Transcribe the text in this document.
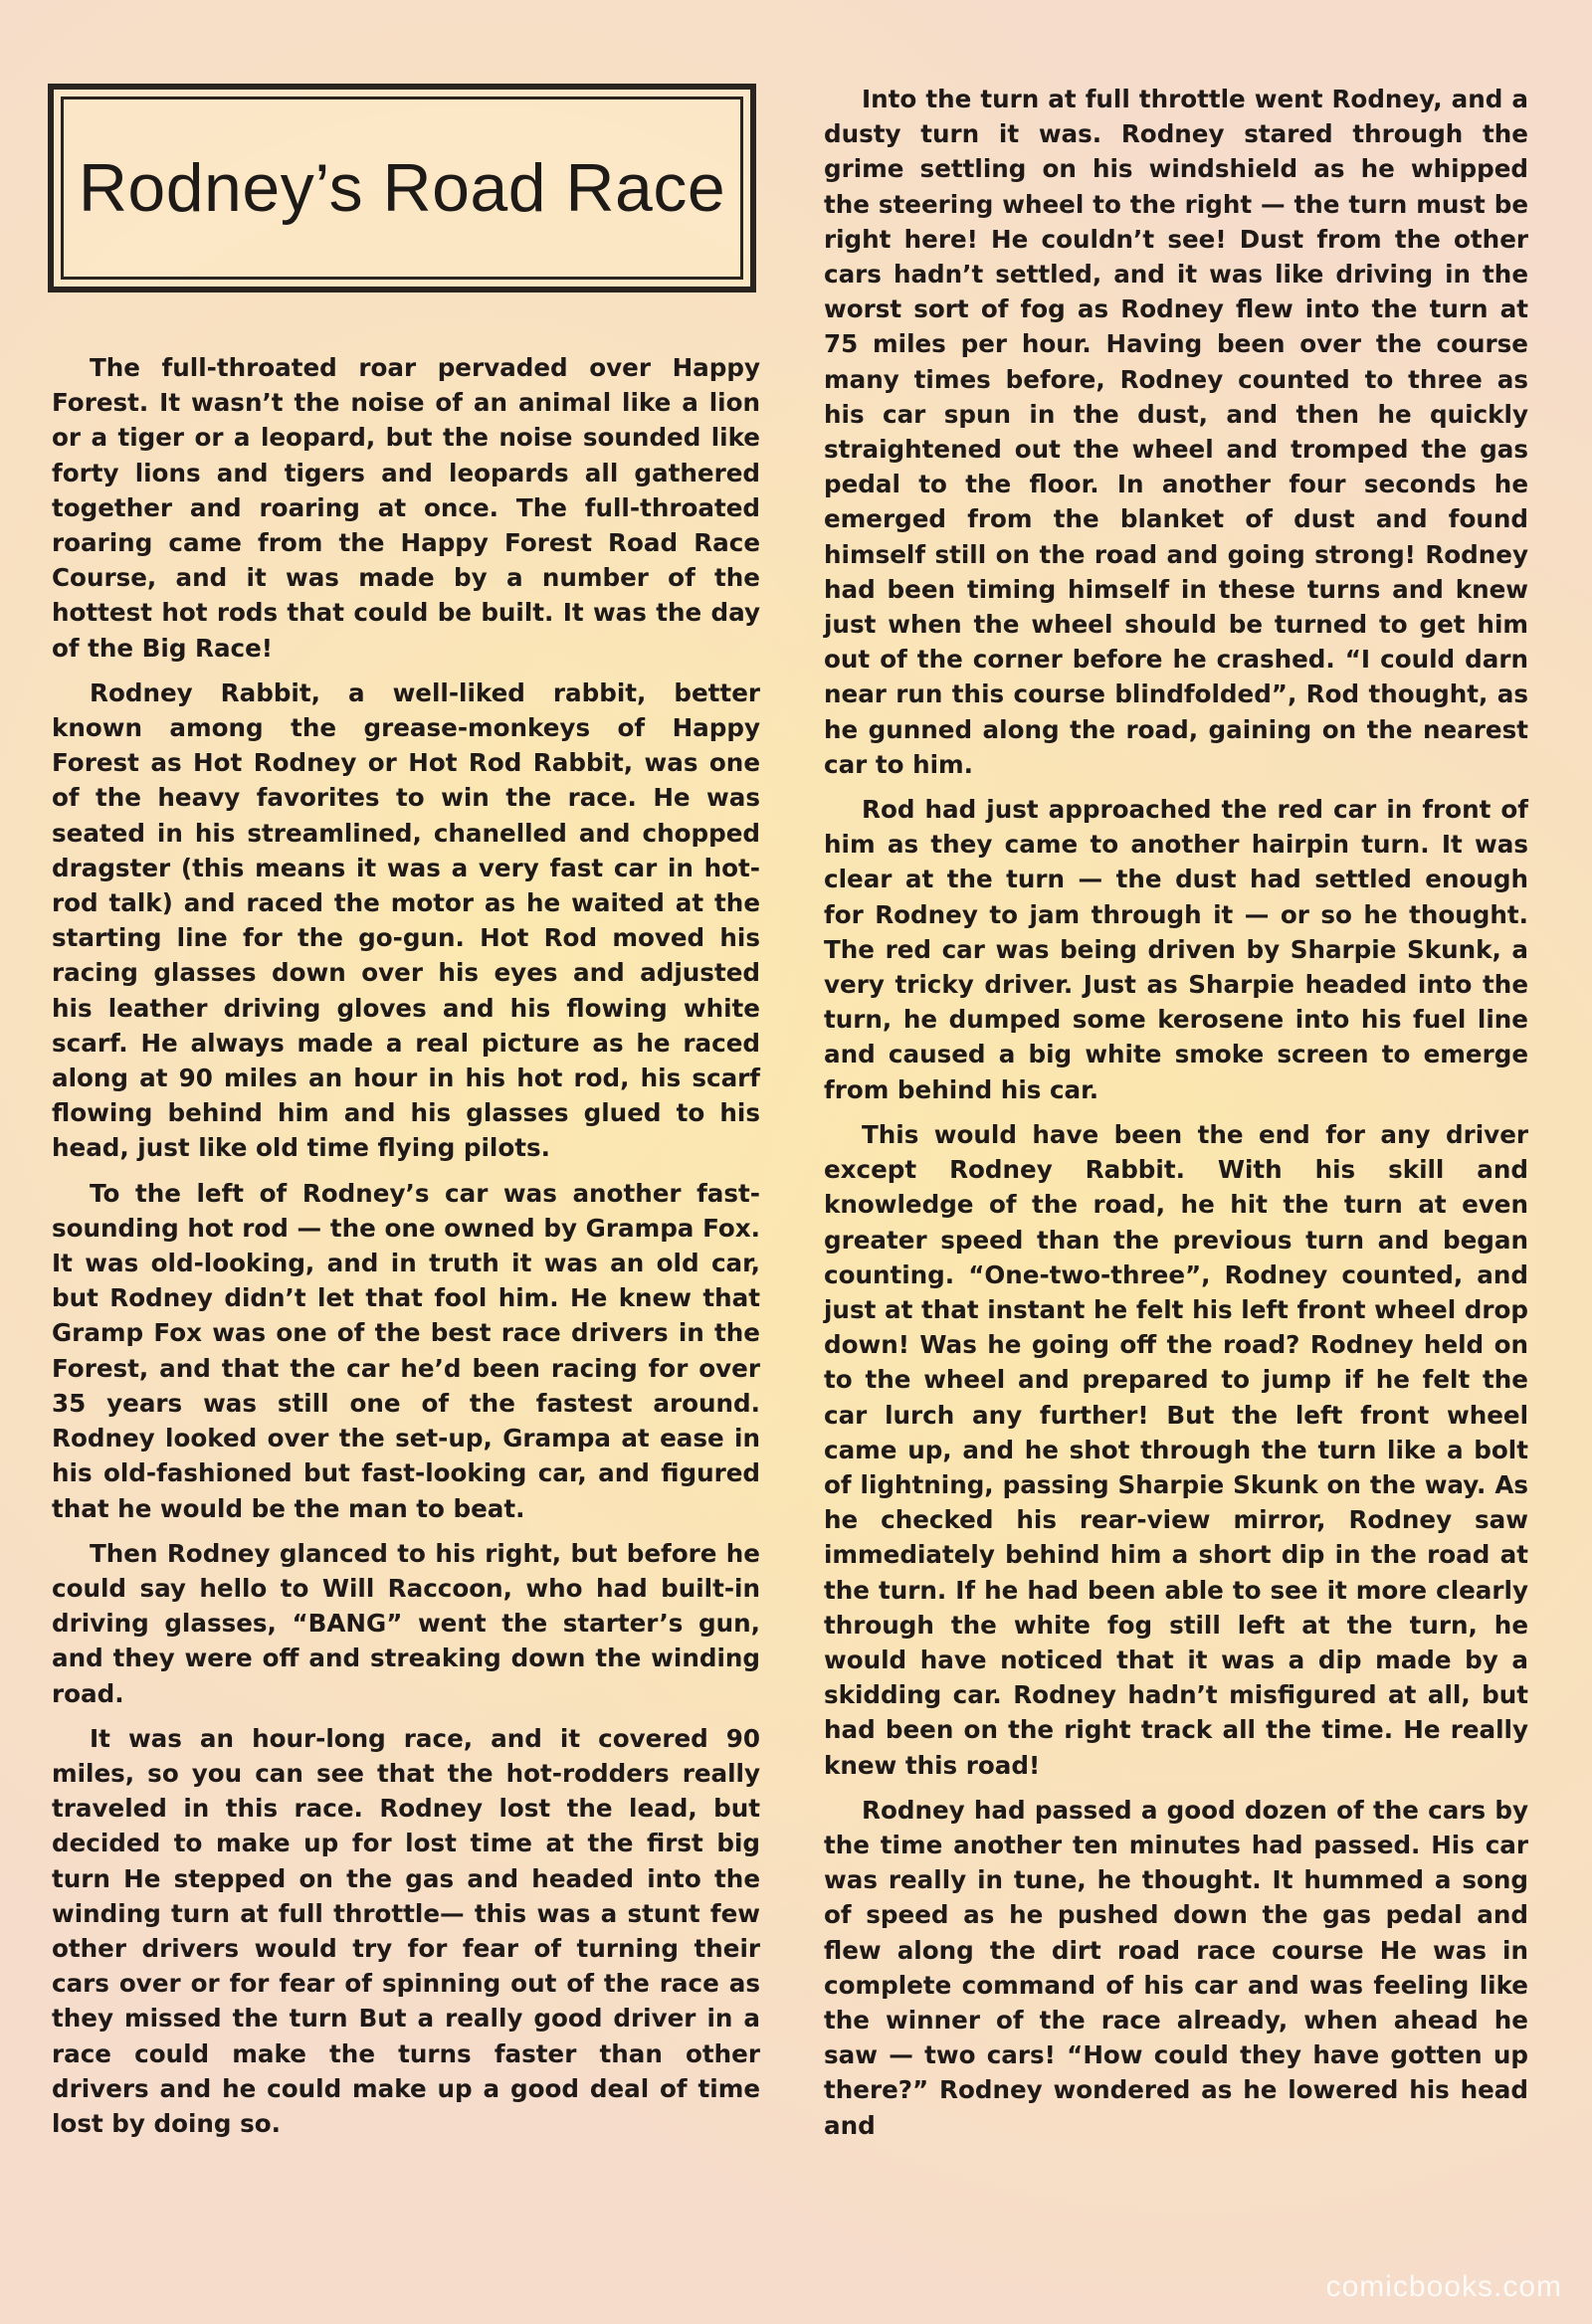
Rodney’s Road Race

The full-throated roar pervaded over Happy Forest. It wasn’t the noise of an animal like a lion or a tiger or a leopard, but the noise sounded like forty lions and tigers and leopards all gathered together and roaring at once. The full-throated roaring came from the Happy Forest Road Race Course, and it was made by a number of the hottest hot rods that could be built. It was the day of the Big Race!

Rodney Rabbit, a well-liked rabbit, better known among the grease-monkeys of Happy Forest as Hot Rodney or Hot Rod Rabbit, was one of the heavy favorites to win the race. He was seated in his streamlined, chanelled and chopped dragster (this means it was a very fast car in hot-rod talk) and raced the motor as he waited at the starting line for the go-gun. Hot Rod moved his racing glasses down over his eyes and adjusted his leather driving gloves and his flowing white scarf. He always made a real picture as he raced along at 90 miles an hour in his hot rod, his scarf flowing behind him and his glasses glued to his head, just like old time flying pilots.

To the left of Rodney’s car was another fast-sounding hot rod — the one owned by Grampa Fox. It was old-looking, and in truth it was an old car, but Rodney didn’t let that fool him. He knew that Gramp Fox was one of the best race drivers in the Forest, and that the car he’d been racing for over 35 years was still one of the fastest around. Rodney looked over the set-up, Grampa at ease in his old-fashioned but fast-looking car, and figured that he would be the man to beat.

Then Rodney glanced to his right, but before he could say hello to Will Raccoon, who had built-in driving glasses, “BANG” went the starter’s gun, and they were off and streaking down the winding road.

It was an hour-long race, and it covered 90 miles, so you can see that the hot-rodders really traveled in this race. Rodney lost the lead, but decided to make up for lost time at the first big turn He stepped on the gas and headed into the winding turn at full throttle— this was a stunt few other drivers would try for fear of turning their cars over or for fear of spinning out of the race as they missed the turn But a really good driver in a race could make the turns faster than other drivers and he could make up a good deal of time lost by doing so.

Into the turn at full throttle went Rodney, and a dusty turn it was. Rodney stared through the grime settling on his windshield as he whipped the steering wheel to the right — the turn must be right here! He couldn’t see! Dust from the other cars hadn’t settled, and it was like driving in the worst sort of fog as Rodney flew into the turn at 75 miles per hour. Having been over the course many times before, Rodney counted to three as his car spun in the dust, and then he quickly straightened out the wheel and tromped the gas pedal to the floor. In another four seconds he emerged from the blanket of dust and found himself still on the road and going strong! Rodney had been timing himself in these turns and knew just when the wheel should be turned to get him out of the corner before he crashed. “I could darn near run this course blindfolded”, Rod thought, as he gunned along the road, gaining on the nearest car to him.

Rod had just approached the red car in front of him as they came to another hairpin turn. It was clear at the turn — the dust had settled enough for Rodney to jam through it — or so he thought. The red car was being driven by Sharpie Skunk, a very tricky driver. Just as Sharpie headed into the turn, he dumped some kerosene into his fuel line and caused a big white smoke screen to emerge from behind his car.

This would have been the end for any driver except Rodney Rabbit. With his skill and knowledge of the road, he hit the turn at even greater speed than the previous turn and began counting. “One-two-three”, Rodney counted, and just at that instant he felt his left front wheel drop down! Was he going off the road? Rodney held on to the wheel and prepared to jump if he felt the car lurch any further! But the left front wheel came up, and he shot through the turn like a bolt of lightning, passing Sharpie Skunk on the way. As he checked his rear-view mirror, Rodney saw immediately behind him a short dip in the road at the turn. If he had been able to see it more clearly through the white fog still left at the turn, he would have noticed that it was a dip made by a skidding car. Rodney hadn’t misfigured at all, but had been on the right track all the time. He really knew this road!

Rodney had passed a good dozen of the cars by the time another ten minutes had passed. His car was really in tune, he thought. It hummed a song of speed as he pushed down the gas pedal and flew along the dirt road race course He was in complete command of his car and was feeling like the winner of the race already, when ahead he saw — two cars! “How could they have gotten up there?” Rodney wondered as he lowered his head and

comicbooks.com
